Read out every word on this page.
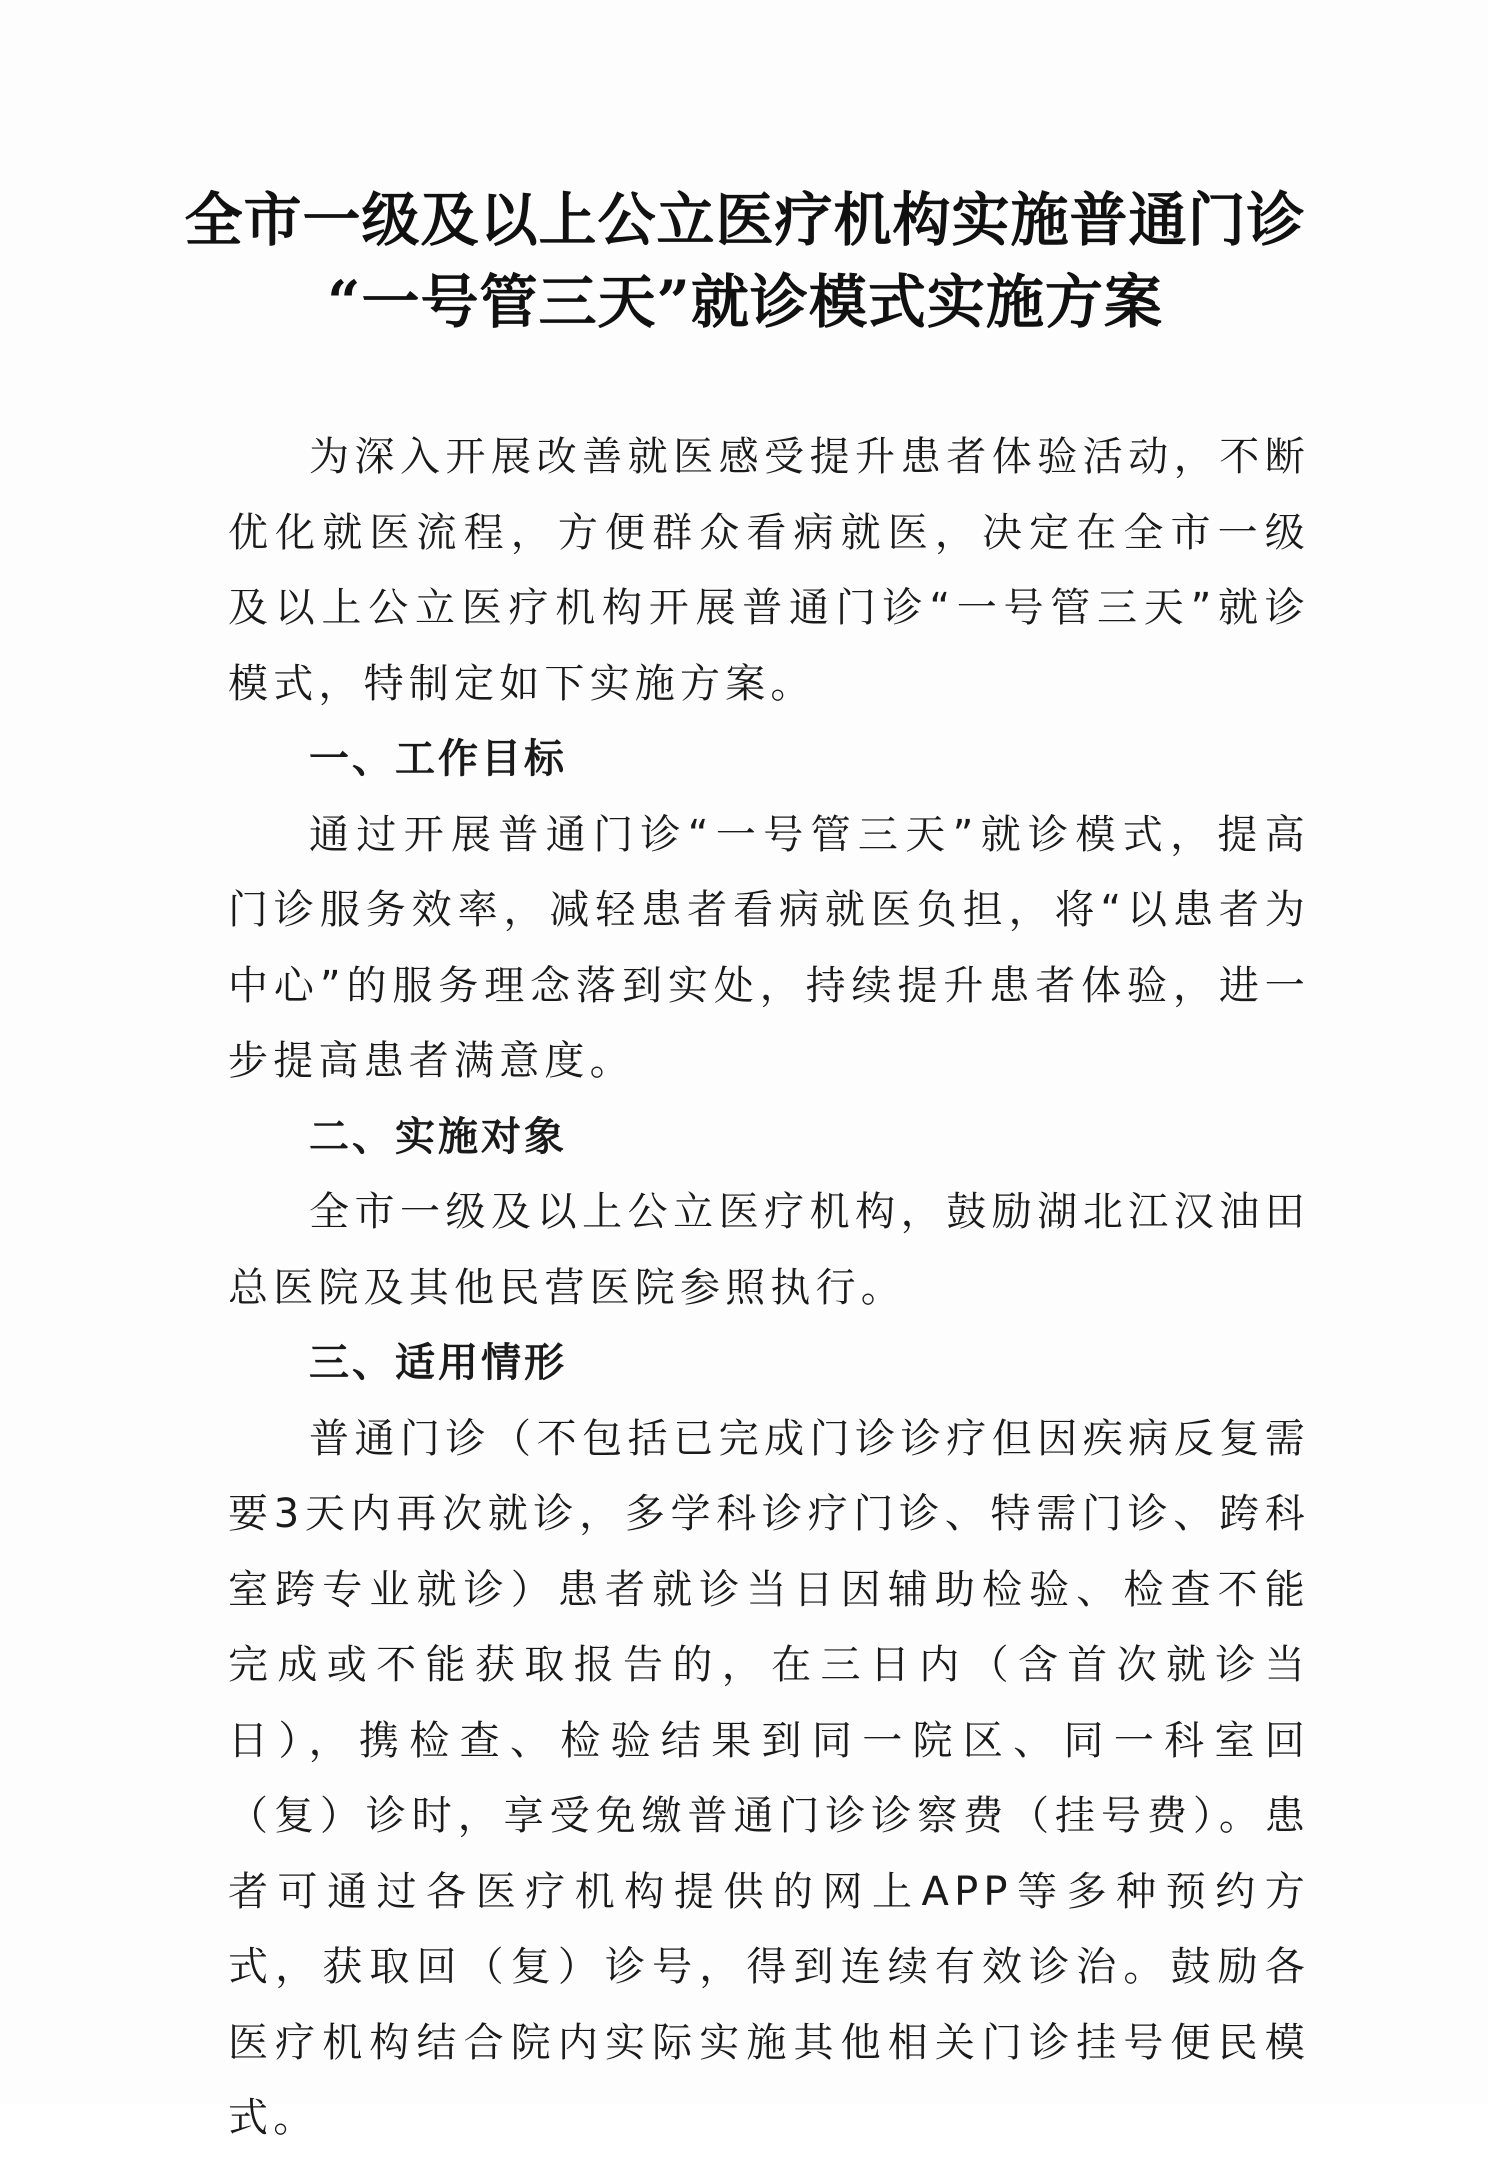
全市一级及以上公立医疗机构实施普通门诊
“一号管三天”就诊模式实施方案

为深入开展改善就医感受提升患者体验活动，不断优化就医流程，方便群众看病就医，决定在全市一级及以上公立医疗机构开展普通门诊“一号管三天”就诊模式，特制定如下实施方案。

一、工作目标

通过开展普通门诊“一号管三天”就诊模式，提高门诊服务效率，减轻患者看病就医负担，将“以患者为中心”的服务理念落到实处，持续提升患者体验，进一步提高患者满意度。

二、实施对象

全市一级及以上公立医疗机构，鼓励湖北江汉油田总医院及其他民营医院参照执行。

三、适用情形

普通门诊（不包括已完成门诊诊疗但因疾病反复需要3天内再次就诊，多学科诊疗门诊、特需门诊、跨科室跨专业就诊）患者就诊当日因辅助检验、检查不能完成或不能获取报告的，在三日内（含首次就诊当日），携检查、检验结果到同一院区、同一科室回（复）诊时，享受免缴普通门诊诊察费（挂号费）。患者可通过各医疗机构提供的网上APP等多种预约方式，获取回（复）诊号，得到连续有效诊治。鼓励各医疗机构结合院内实际实施其他相关门诊挂号便民模式。
